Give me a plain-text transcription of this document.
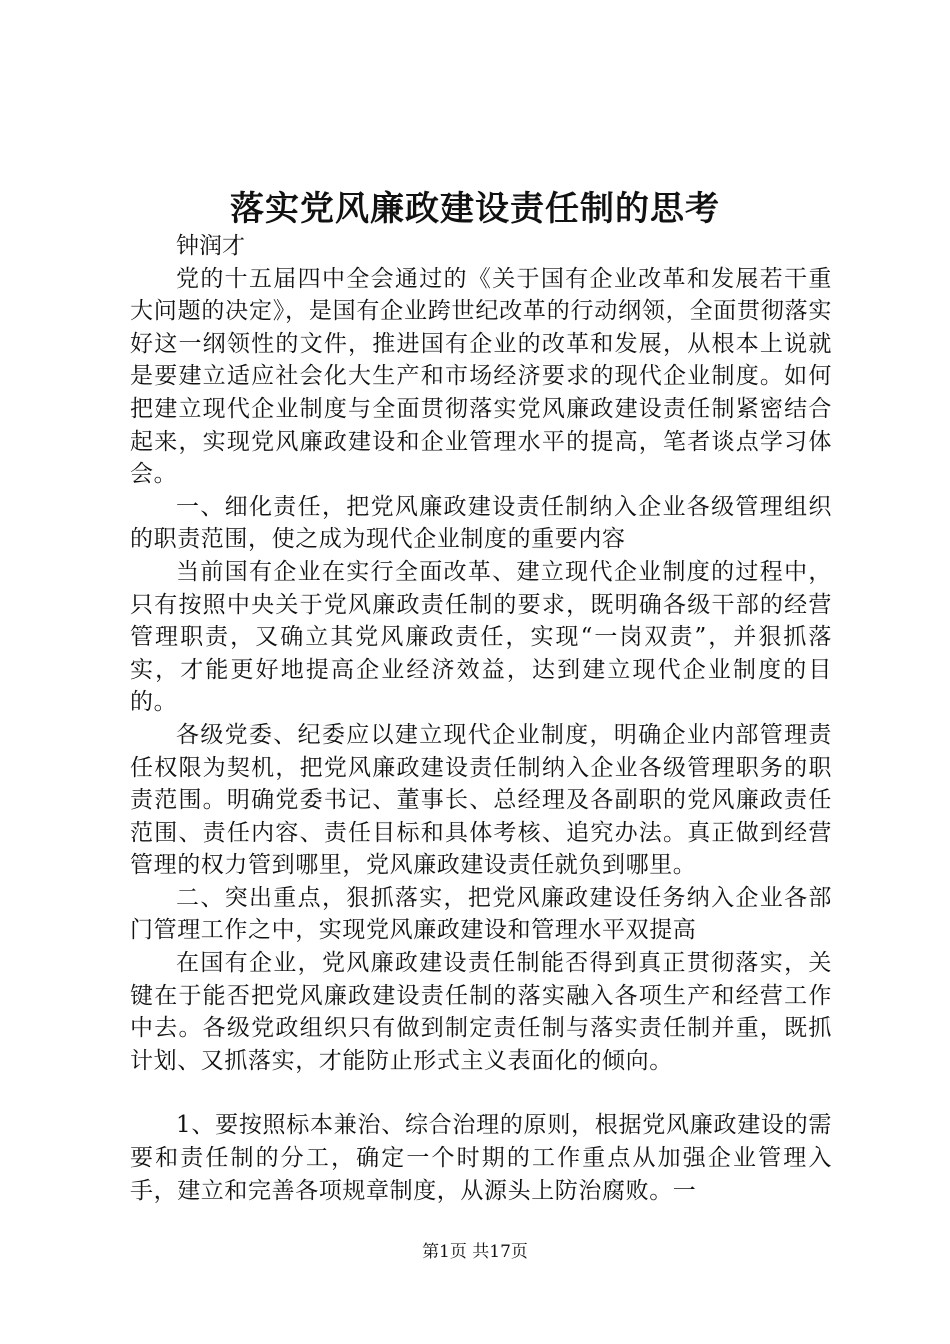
落实党风廉政建设责任制的思考

钟润才

党的十五届四中全会通过的《关于国有企业改革和发展若干重大问题的决定》，是国有企业跨世纪改革的行动纲领，全面贯彻落实好这一纲领性的文件，推进国有企业的改革和发展，从根本上说就是要建立适应社会化大生产和市场经济要求的现代企业制度。如何把建立现代企业制度与全面贯彻落实党风廉政建设责任制紧密结合起来，实现党风廉政建设和企业管理水平的提高，笔者谈点学习体会。

一、细化责任，把党风廉政建设责任制纳入企业各级管理组织的职责范围，使之成为现代企业制度的重要内容

当前国有企业在实行全面改革、建立现代企业制度的过程中，只有按照中央关于党风廉政责任制的要求，既明确各级干部的经营管理职责，又确立其党风廉政责任，实现“一岗双责”，并狠抓落实，才能更好地提高企业经济效益，达到建立现代企业制度的目的。

各级党委、纪委应以建立现代企业制度，明确企业内部管理责任权限为契机，把党风廉政建设责任制纳入企业各级管理职务的职责范围。明确党委书记、董事长、总经理及各副职的党风廉政责任范围、责任内容、责任目标和具体考核、追究办法。真正做到经营管理的权力管到哪里，党风廉政建设责任就负到哪里。

二、突出重点，狠抓落实，把党风廉政建设任务纳入企业各部门管理工作之中，实现党风廉政建设和管理水平双提高

在国有企业，党风廉政建设责任制能否得到真正贯彻落实，关键在于能否把党风廉政建设责任制的落实融入各项生产和经营工作中去。各级党政组织只有做到制定责任制与落实责任制并重，既抓计划、又抓落实，才能防止形式主义表面化的倾向。

1、要按照标本兼治、综合治理的原则，根据党风廉政建设的需要和责任制的分工，确定一个时期的工作重点从加强企业管理入手，建立和完善各项规章制度，从源头上防治腐败。一

第1页 共17页
